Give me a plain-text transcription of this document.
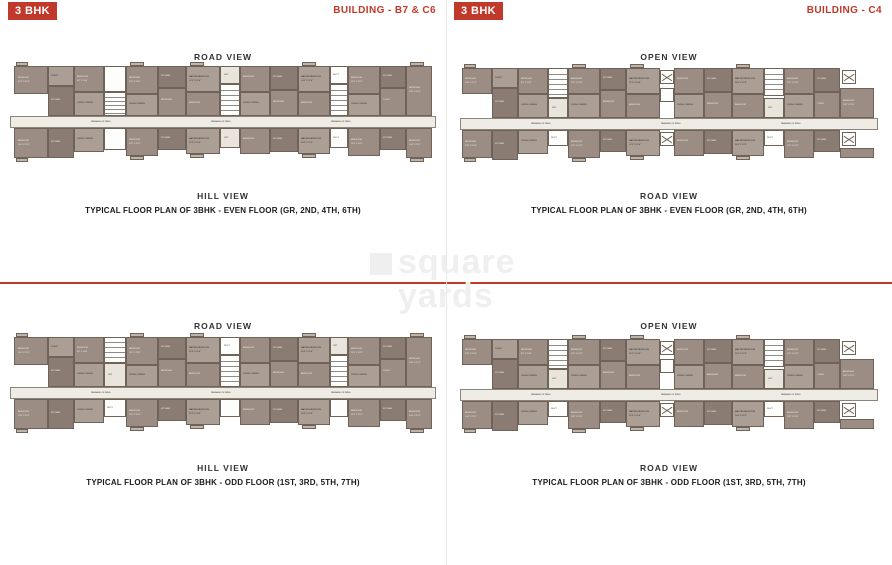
3 BHK	BUILDING - B7 & C6
ROAD VIEW
PASSAGE OF WING	PASSAGE OF WING	PASSAGE OF WING
BEDROOM
10'0" X 11'6"
TOILET
KITCHEN
BEDROOM
9'0" X 10'0"
LIVING / DINING
BEDROOM
11'0" X 12'0"
LIVING / DINING
KITCHEN
BEDROOM
MASTER BEDROOM
12'6" X 10'0"
BEDROOM
LIFT
BEDROOM
LIVING / DINING
KITCHEN
BEDROOM
MASTER BEDROOM
10'6" X 12'0"
BEDROOM
DUCT
BEDROOM
11'0" X 12'0"
LIVING / DINING
KITCHEN
TOILET
BEDROOM
10'0" X 11'6"
BEDROOM
10'0" X 11'6"
KITCHEN
LIVING / DINING	BEDROOM
11'0" X 12'0"
KITCHEN	MASTER BEDROOM
12'6" X 10'0"
LIFT	BEDROOM	KITCHEN	MASTER BEDROOM
10'6" X 12'0"
DUCT
BEDROOM
11'0" X 12'0"
KITCHEN
BEDROOM
10'0" X 11'6"
HILL VIEW
TYPICAL FLOOR PLAN OF 3BHK - EVEN FLOOR (GR, 2ND, 4TH, 6TH)
3 BHK	BUILDING - C4
OPEN VIEW
PASSAGE OF WING	PASSAGE OF WING	PASSAGE OF WING
BEDROOM
10'0" X 11'6"
TOILET
KITCHEN
BEDROOM
9'0" X 10'0"
LIVING / DINING
LIFT
BEDROOM
11'0" X 12'0"
LIVING / DINING
KITCHEN
BEDROOM
MASTER BEDROOM
12'6" X 10'0"
BEDROOM
BEDROOM
LIVING / DINING
KITCHEN
BEDROOM
MASTER BEDROOM
10'6" X 12'0"
BEDROOM
LIFT
BEDROOM
11'0" X 12'0"
LIVING / DINING
KITCHEN
TOILET
BEDROOM
10'0" X 11'6"
BEDROOM
10'0" X 11'6"
KITCHEN
LIVING / DINING
DUCT
BEDROOM
11'0" X 12'0"
KITCHEN	MASTER BEDROOM
12'6" X 10'0"
BEDROOM	KITCHEN	MASTER BEDROOM
10'6" X 12'0"
DUCT
BEDROOM
11'0" X 12'0"
KITCHEN
ROAD VIEW
TYPICAL FLOOR PLAN OF 3BHK - EVEN FLOOR (GR, 2ND, 4TH, 6TH)
ROAD VIEW
PASSAGE OF WING	PASSAGE OF WING	PASSAGE OF WING
BEDROOM
10'0" X 11'6"
TOILET
KITCHEN
BEDROOM
9'0" X 10'0"
LIVING / DINING	LIFT
BEDROOM
11'0" X 12'0"
LIVING / DINING
KITCHEN
BEDROOM
MASTER BEDROOM
12'6" X 10'0"
BEDROOM
DUCT
BEDROOM
LIVING / DINING
KITCHEN
BEDROOM
MASTER BEDROOM
10'6" X 12'0"
BEDROOM
LIFT
BEDROOM
11'0" X 12'0"
LIVING / DINING
KITCHEN
TOILET
BEDROOM
10'0" X 11'6"
BEDROOM
10'0" X 11'6"
KITCHEN
LIVING / DINING
DUCT
BEDROOM
11'0" X 12'0"
KITCHEN	MASTER BEDROOM
12'6" X 10'0"
BEDROOM	KITCHEN	MASTER BEDROOM
10'6" X 12'0"
BEDROOM
11'0" X 12'0"
KITCHEN
BEDROOM
10'0" X 11'6"
HILL VIEW
TYPICAL FLOOR PLAN OF 3BHK - ODD FLOOR (1ST, 3RD, 5TH, 7TH)
OPEN VIEW
PASSAGE OF WING	PASSAGE OF WING	PASSAGE OF WING
BEDROOM
10'0" X 11'6"
TOILET
KITCHEN
BEDROOM
9'0" X 10'0"
LIVING / DINING
LIFT
BEDROOM
11'0" X 12'0"
LIVING / DINING
KITCHEN
BEDROOM
MASTER BEDROOM
12'6" X 10'0"
BEDROOM
BEDROOM
LIVING / DINING
KITCHEN
BEDROOM
MASTER BEDROOM
10'6" X 12'0"
BEDROOM
LIFT
BEDROOM
11'0" X 12'0"
LIVING / DINING
KITCHEN
TOILET
BEDROOM
10'0" X 11'6"
BEDROOM
10'0" X 11'6"
KITCHEN
LIVING / DINING
DUCT
BEDROOM
11'0" X 12'0"
KITCHEN	MASTER BEDROOM
12'6" X 10'0"
BEDROOM	KITCHEN	MASTER BEDROOM
10'6" X 12'0"
DUCT
BEDROOM
11'0" X 12'0"
KITCHEN
ROAD VIEW
TYPICAL FLOOR PLAN OF 3BHK - ODD FLOOR (1ST, 3RD, 5TH, 7TH)
square
yards
